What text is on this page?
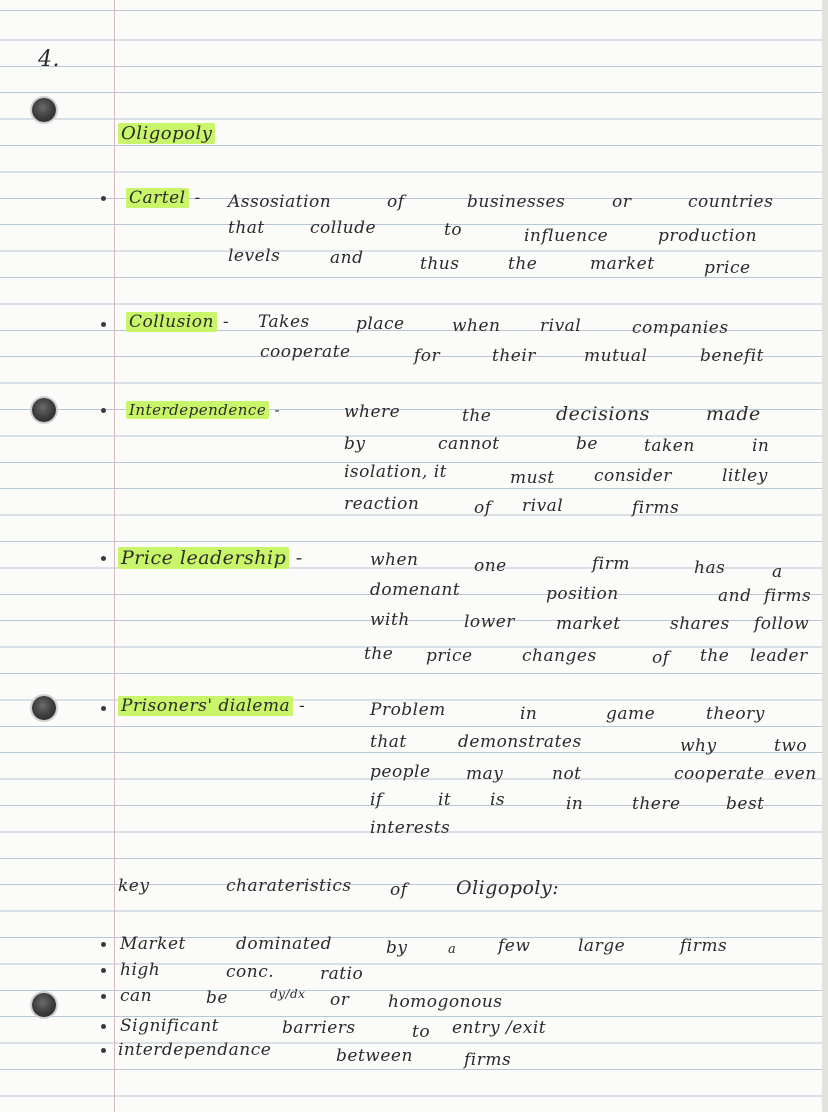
4.
Oligopoly
Cartel - Assosiation	of	businesses	or	countries
that	collude	to	influence	production
levels	and	thus	the	market	price
Collusion - Takes	place	when rival	companies
cooperate	for	their	mutual	benefit
Interdependence -	where	the	decisions	made
by	cannot	be	taken	in
isolation, it	must consider	litley
reaction	of rival	firms
Price leadership -	when	one	firm	has	a
domenant	position	and firms
with	lower market	shares follow
the price	changes	of the leader
Prisoners' dialema -	Problem	in	game	theory
that	demonstrates	why	two
people may	not	cooperate even
if	it is	in	there	best
interests
key	charateristics of	Oligopoly:
Market	dominated	by	a few	large	firms
high	conc.	ratio
can	be	dy/dx or homogonous
Significant	barriers	to entry /exit
interdependance	between	firms
